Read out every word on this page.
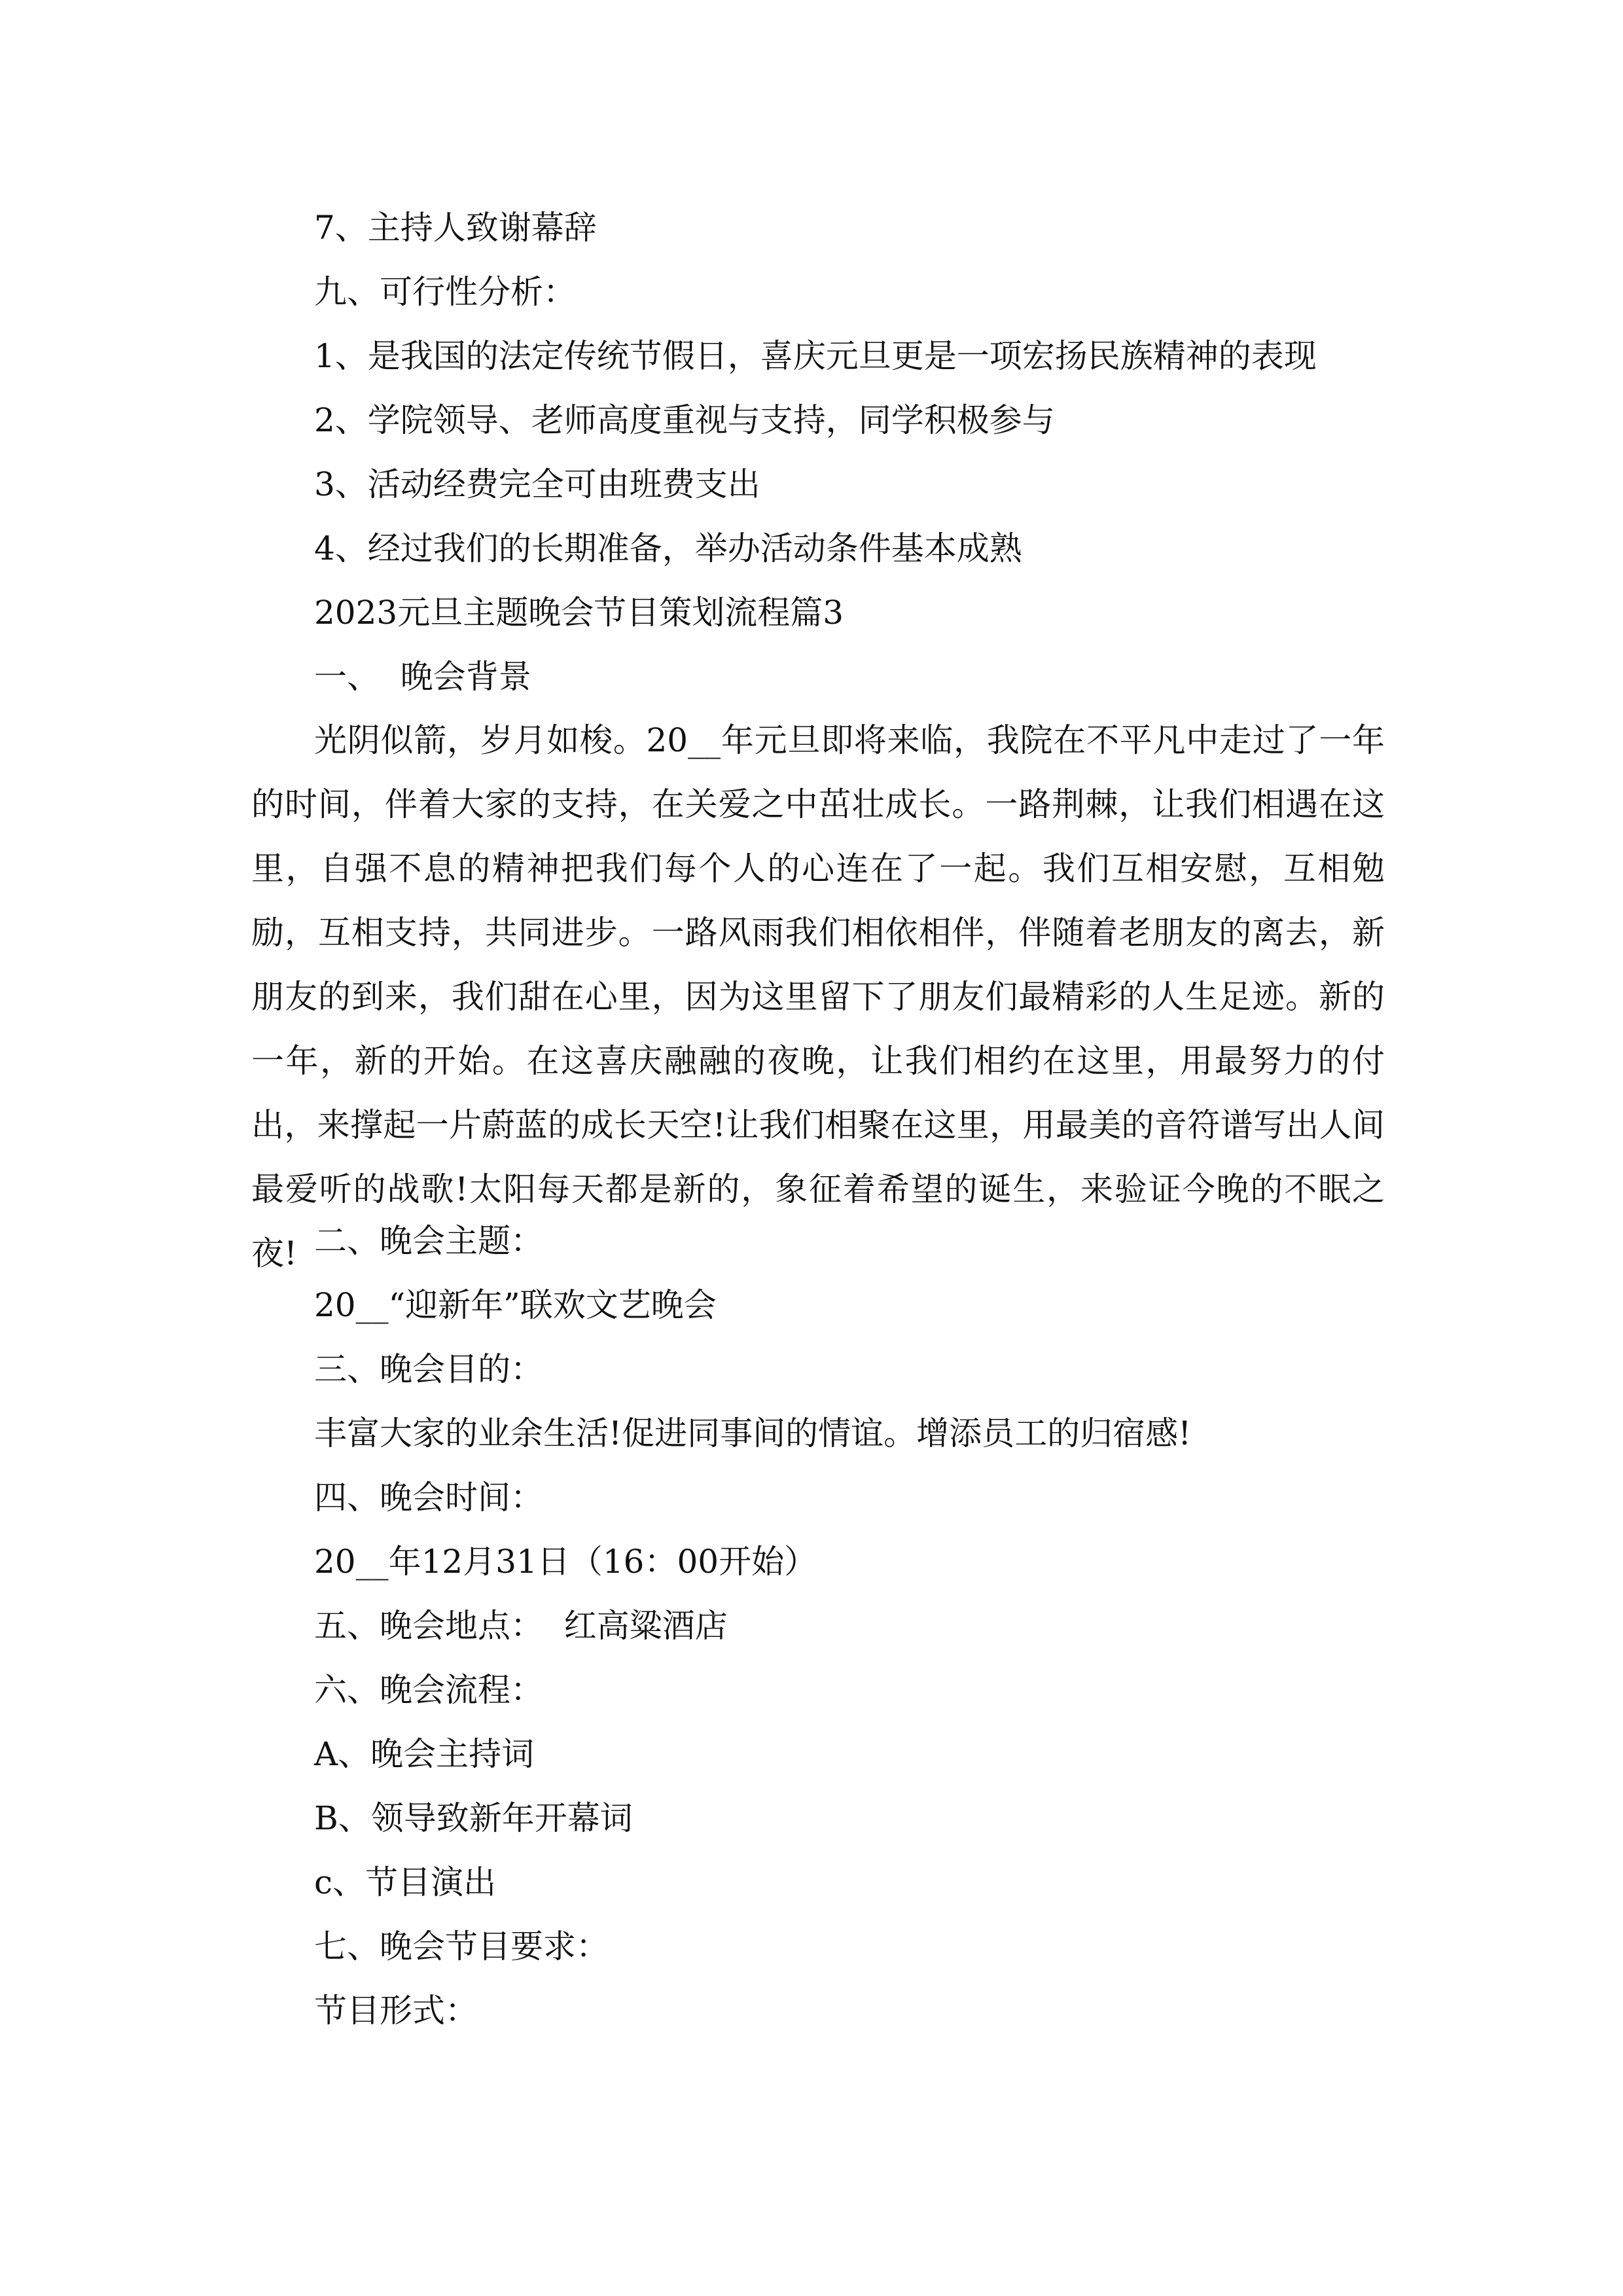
7、主持人致谢幕辞
九、可行性分析：
1、是我国的法定传统节假日，喜庆元旦更是一项宏扬民族精神的表现
2、学院领导、老师高度重视与支持，同学积极参与
3、活动经费完全可由班费支出
4、经过我们的长期准备，举办活动条件基本成熟
2023元旦主题晚会节目策划流程篇3
一、  晚会背景
光阴似箭，岁月如梭。20__年元旦即将来临，我院在不平凡中走过了一年的时间，伴着大家的支持，在关爱之中茁壮成长。一路荆棘，让我们相遇在这里，自强不息的精神把我们每个人的心连在了一起。我们互相安慰，互相勉励，互相支持，共同进步。一路风雨我们相依相伴，伴随着老朋友的离去，新朋友的到来，我们甜在心里，因为这里留下了朋友们最精彩的人生足迹。新的一年，新的开始。在这喜庆融融的夜晚，让我们相约在这里，用最努力的付出，来撑起一片蔚蓝的成长天空!让我们相聚在这里，用最美的音符谱写出人间最爱听的战歌!太阳每天都是新的，象征着希望的诞生，来验证今晚的不眠之夜! 二、晚会主题：
20__“迎新年”联欢文艺晚会
三、晚会目的：
丰富大家的业余生活!促进同事间的情谊。增添员工的归宿感!
四、晚会时间：
20__年12月31日（16：00开始）
五、晚会地点：  红高粱酒店
六、晚会流程：
A、晚会主持词
B、领导致新年开幕词
c、节目演出
七、晚会节目要求：
节目形式：
